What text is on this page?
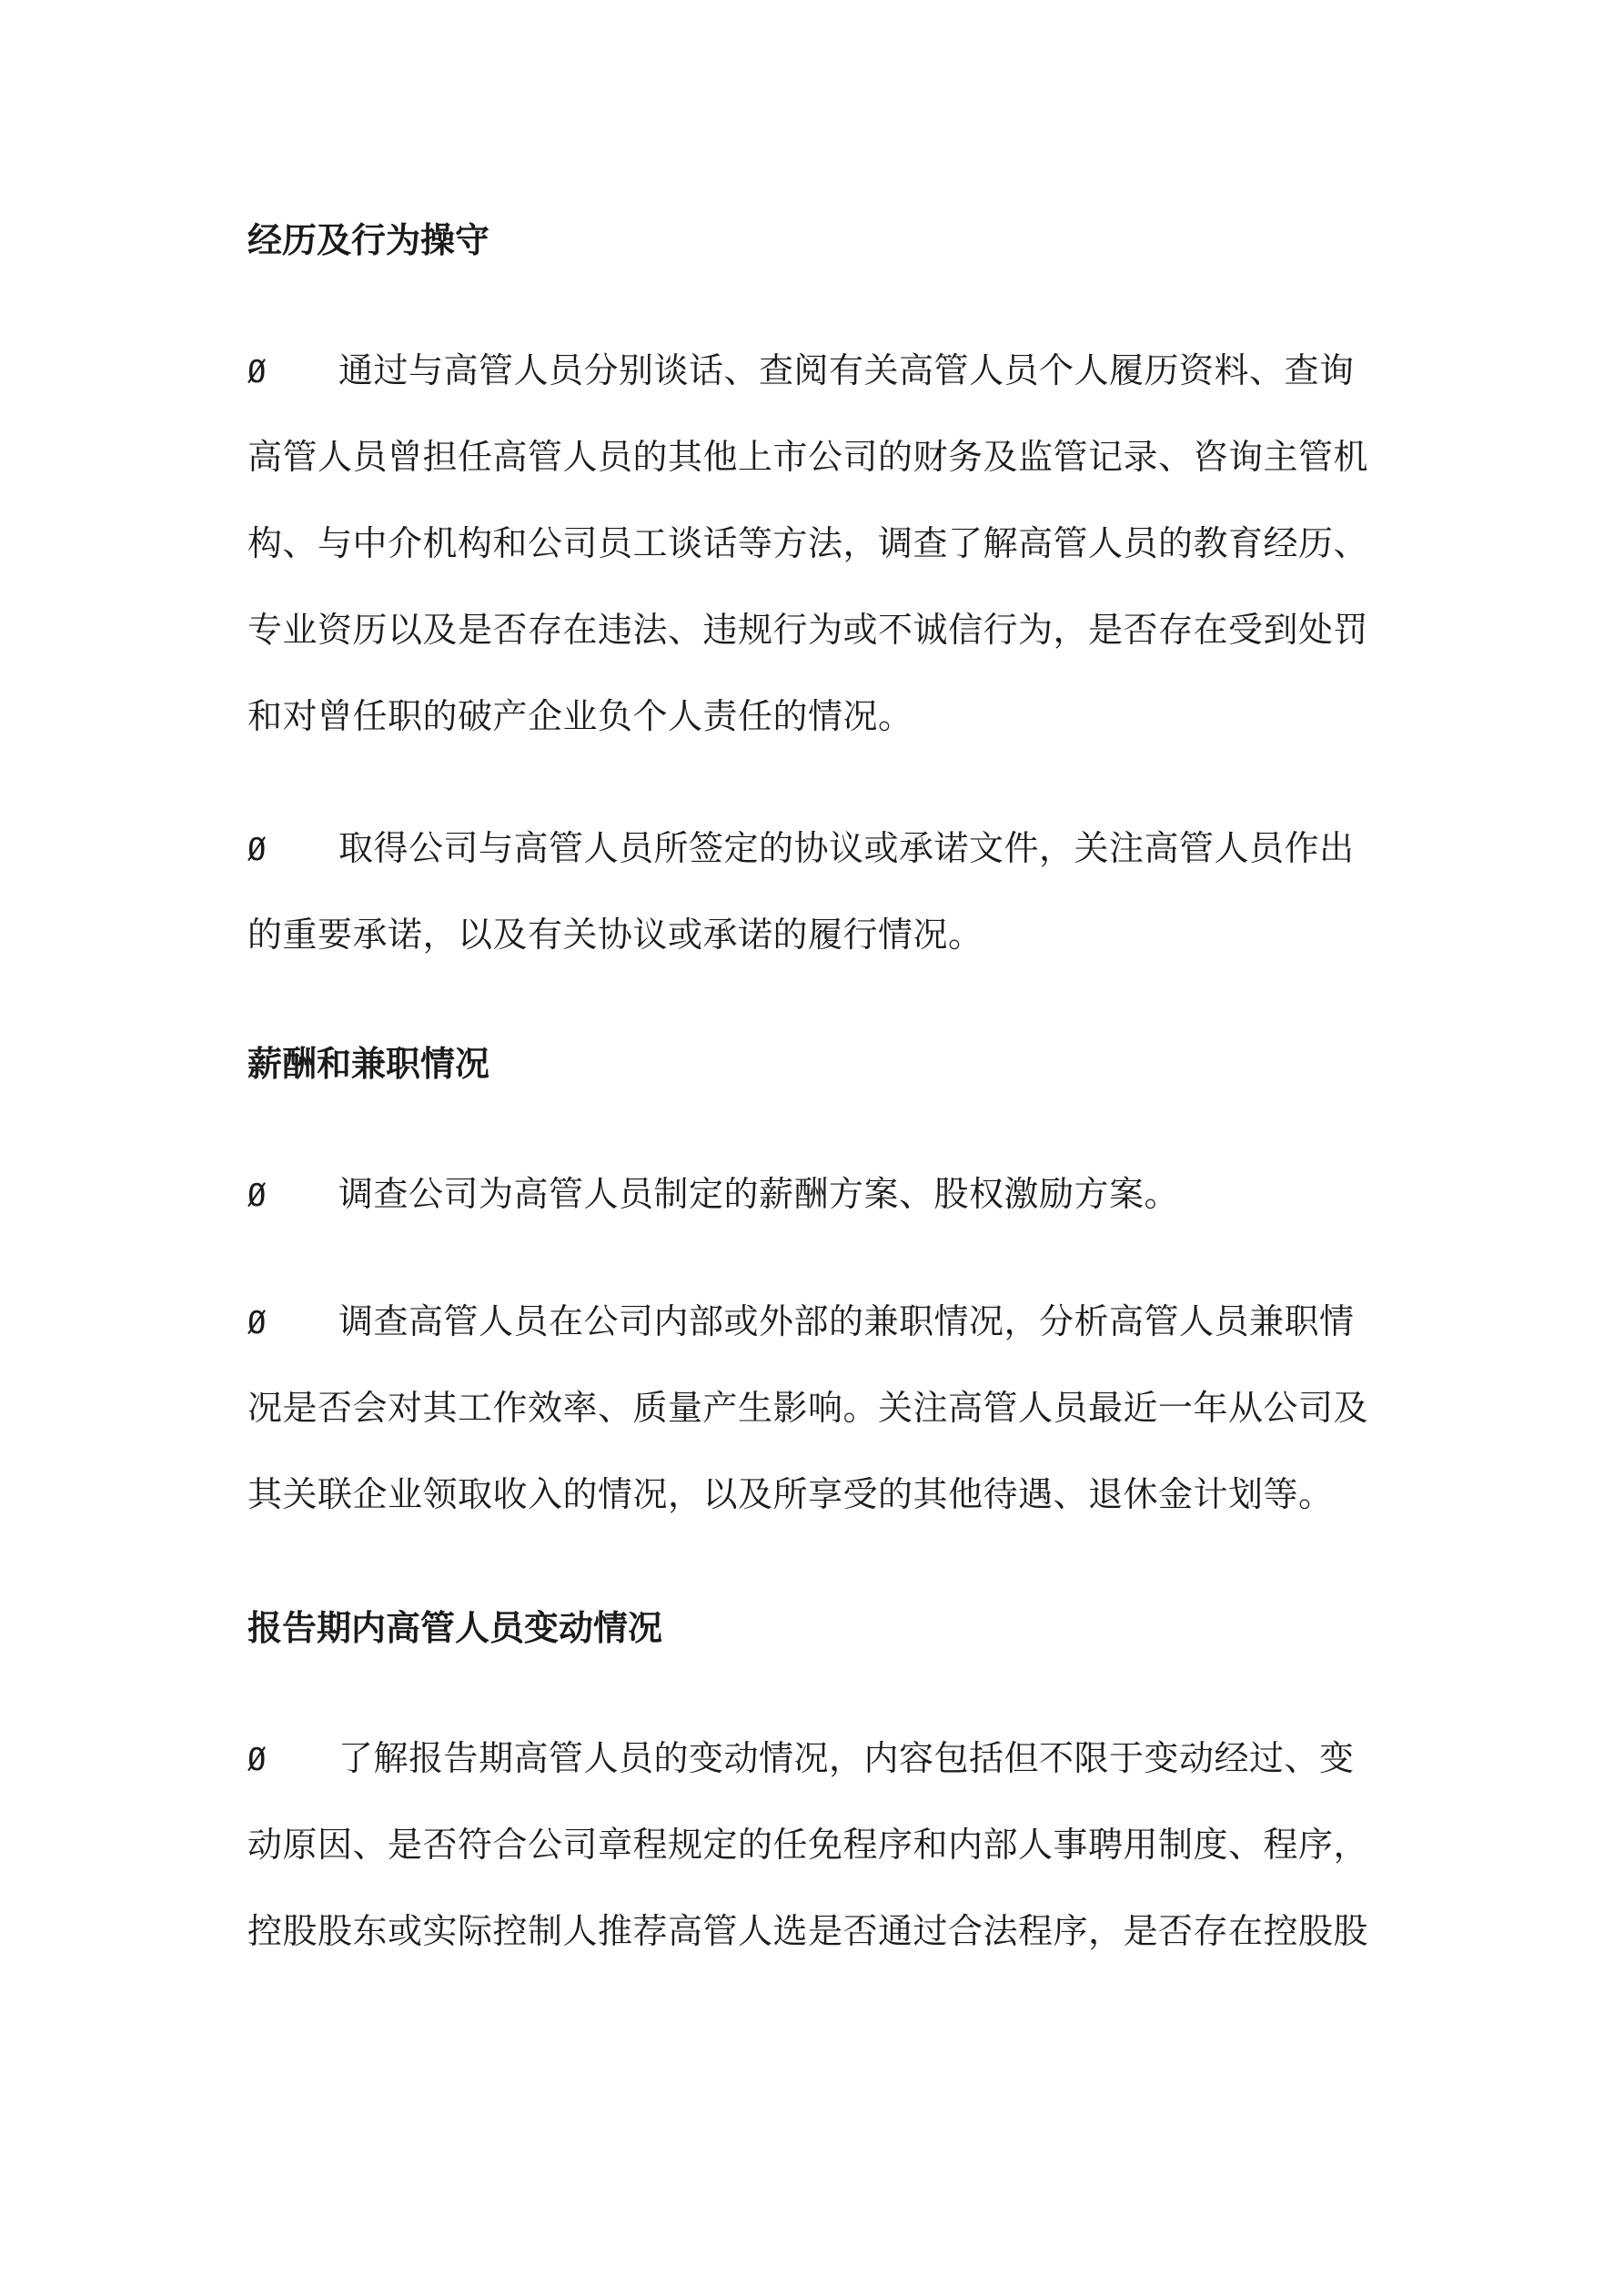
经历及行为操守
Ø 通过与高管人员分别谈话、查阅有关高管人员个人履历资料、查询
高管人员曾担任高管人员的其他上市公司的财务及监管记录、咨询主管机
构、与中介机构和公司员工谈话等方法，调查了解高管人员的教育经历、
专业资历以及是否存在违法、违规行为或不诚信行为，是否存在受到处罚
和对曾任职的破产企业负个人责任的情况。
Ø 取得公司与高管人员所签定的协议或承诺文件，关注高管人员作出
的重要承诺，以及有关协议或承诺的履行情况。
薪酬和兼职情况
Ø 调查公司为高管人员制定的薪酬方案、股权激励方案。
Ø 调查高管人员在公司内部或外部的兼职情况，分析高管人员兼职情
况是否会对其工作效率、质量产生影响。关注高管人员最近一年从公司及
其关联企业领取收入的情况，以及所享受的其他待遇、退休金计划等。
报告期内高管人员变动情况
Ø 了解报告期高管人员的变动情况，内容包括但不限于变动经过、变
动原因、是否符合公司章程规定的任免程序和内部人事聘用制度、程序，
控股股东或实际控制人推荐高管人选是否通过合法程序，是否存在控股股
